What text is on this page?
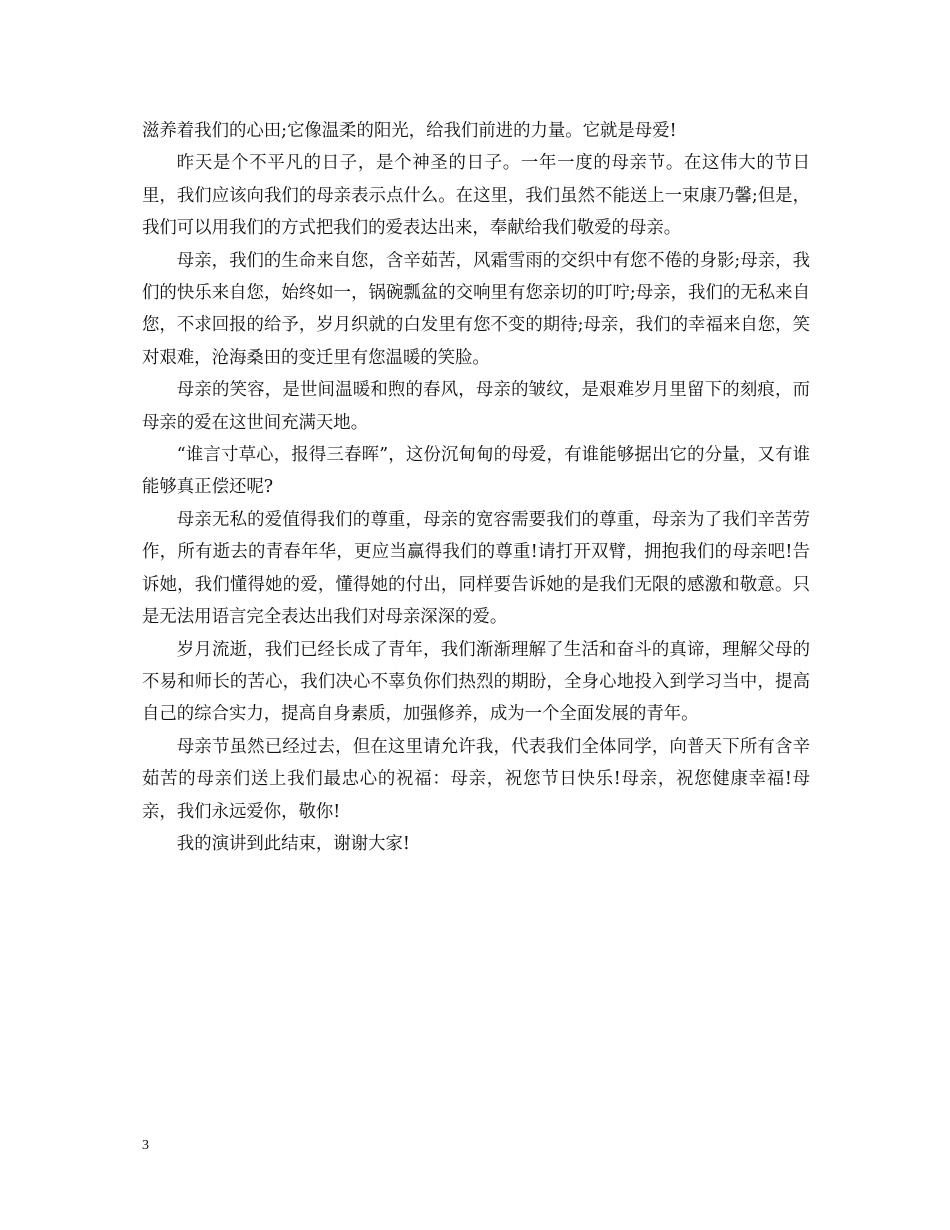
滋养着我们的心田;它像温柔的阳光，给我们前进的力量。它就是母爱!

昨天是个不平凡的日子，是个神圣的日子。一年一度的母亲节。在这伟大的节日里，我们应该向我们的母亲表示点什么。在这里，我们虽然不能送上一束康乃馨;但是，我们可以用我们的方式把我们的爱表达出来，奉献给我们敬爱的母亲。

母亲，我们的生命来自您，含辛茹苦，风霜雪雨的交织中有您不倦的身影;母亲，我们的快乐来自您，始终如一，锅碗瓢盆的交响里有您亲切的叮咛;母亲，我们的无私来自您，不求回报的给予，岁月织就的白发里有您不变的期待;母亲，我们的幸福来自您，笑对艰难，沧海桑田的变迁里有您温暖的笑脸。

母亲的笑容，是世间温暖和煦的春风，母亲的皱纹，是艰难岁月里留下的刻痕，而母亲的爱在这世间充满天地。

“谁言寸草心，报得三春晖”，这份沉甸甸的母爱，有谁能够据出它的分量，又有谁能够真正偿还呢?

母亲无私的爱值得我们的尊重，母亲的宽容需要我们的尊重，母亲为了我们辛苦劳作，所有逝去的青春年华，更应当赢得我们的尊重!请打开双臂，拥抱我们的母亲吧!告诉她，我们懂得她的爱，懂得她的付出，同样要告诉她的是我们无限的感激和敬意。只是无法用语言完全表达出我们对母亲深深的爱。

岁月流逝，我们已经长成了青年，我们渐渐理解了生活和奋斗的真谛，理解父母的不易和师长的苦心，我们决心不辜负你们热烈的期盼，全身心地投入到学习当中，提高自己的综合实力，提高自身素质，加强修养，成为一个全面发展的青年。

母亲节虽然已经过去，但在这里请允许我，代表我们全体同学，向普天下所有含辛茹苦的母亲们送上我们最忠心的祝福：母亲，祝您节日快乐!母亲，祝您健康幸福!母亲，我们永远爱你，敬你!

我的演讲到此结束，谢谢大家!

3
